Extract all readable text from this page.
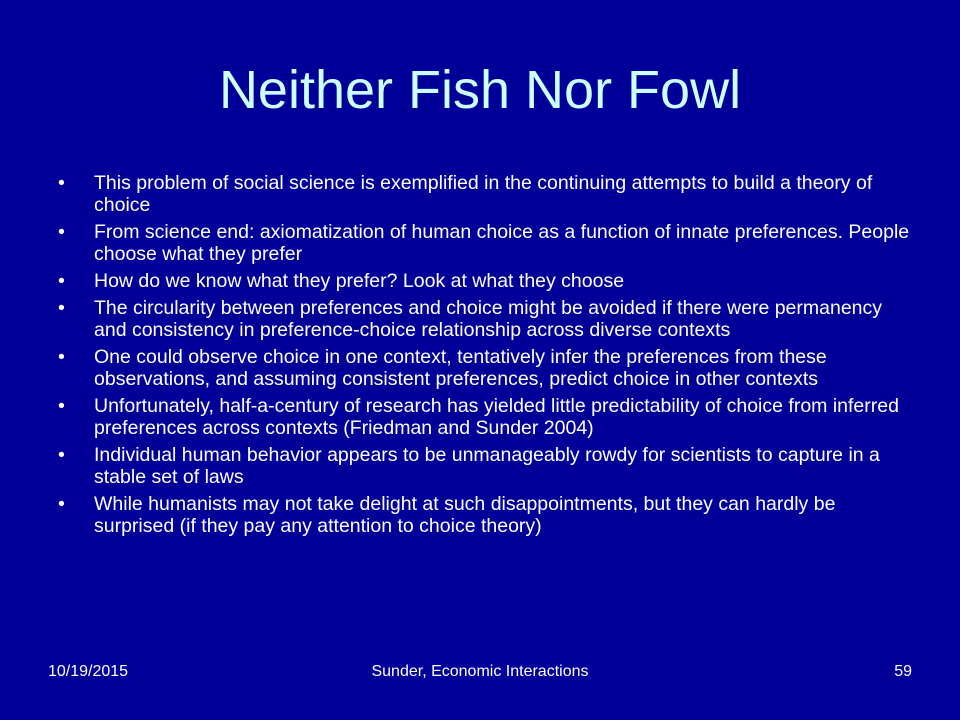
Neither Fish Nor Fowl
• This problem of social science is exemplified in the continuing attempts to build a theory of choice
• From science end: axiomatization of human choice as a function of innate preferences. People choose what they prefer
• How do we know what they prefer? Look at what they choose
• The circularity between preferences and choice might be avoided if there were permanency and consistency in preference-choice relationship across diverse contexts
• One could observe choice in one context, tentatively infer the preferences from these observations, and assuming consistent preferences, predict choice in other contexts
• Unfortunately, half-a-century of research has yielded little predictability of choice from inferred preferences across contexts (Friedman and Sunder 2004)
• Individual human behavior appears to be unmanageably rowdy for scientists to capture in a stable set of laws
• While humanists may not take delight at such disappointments, but they can hardly be surprised (if they pay any attention to choice theory)
10/19/2015	Sunder, Economic Interactions	59
